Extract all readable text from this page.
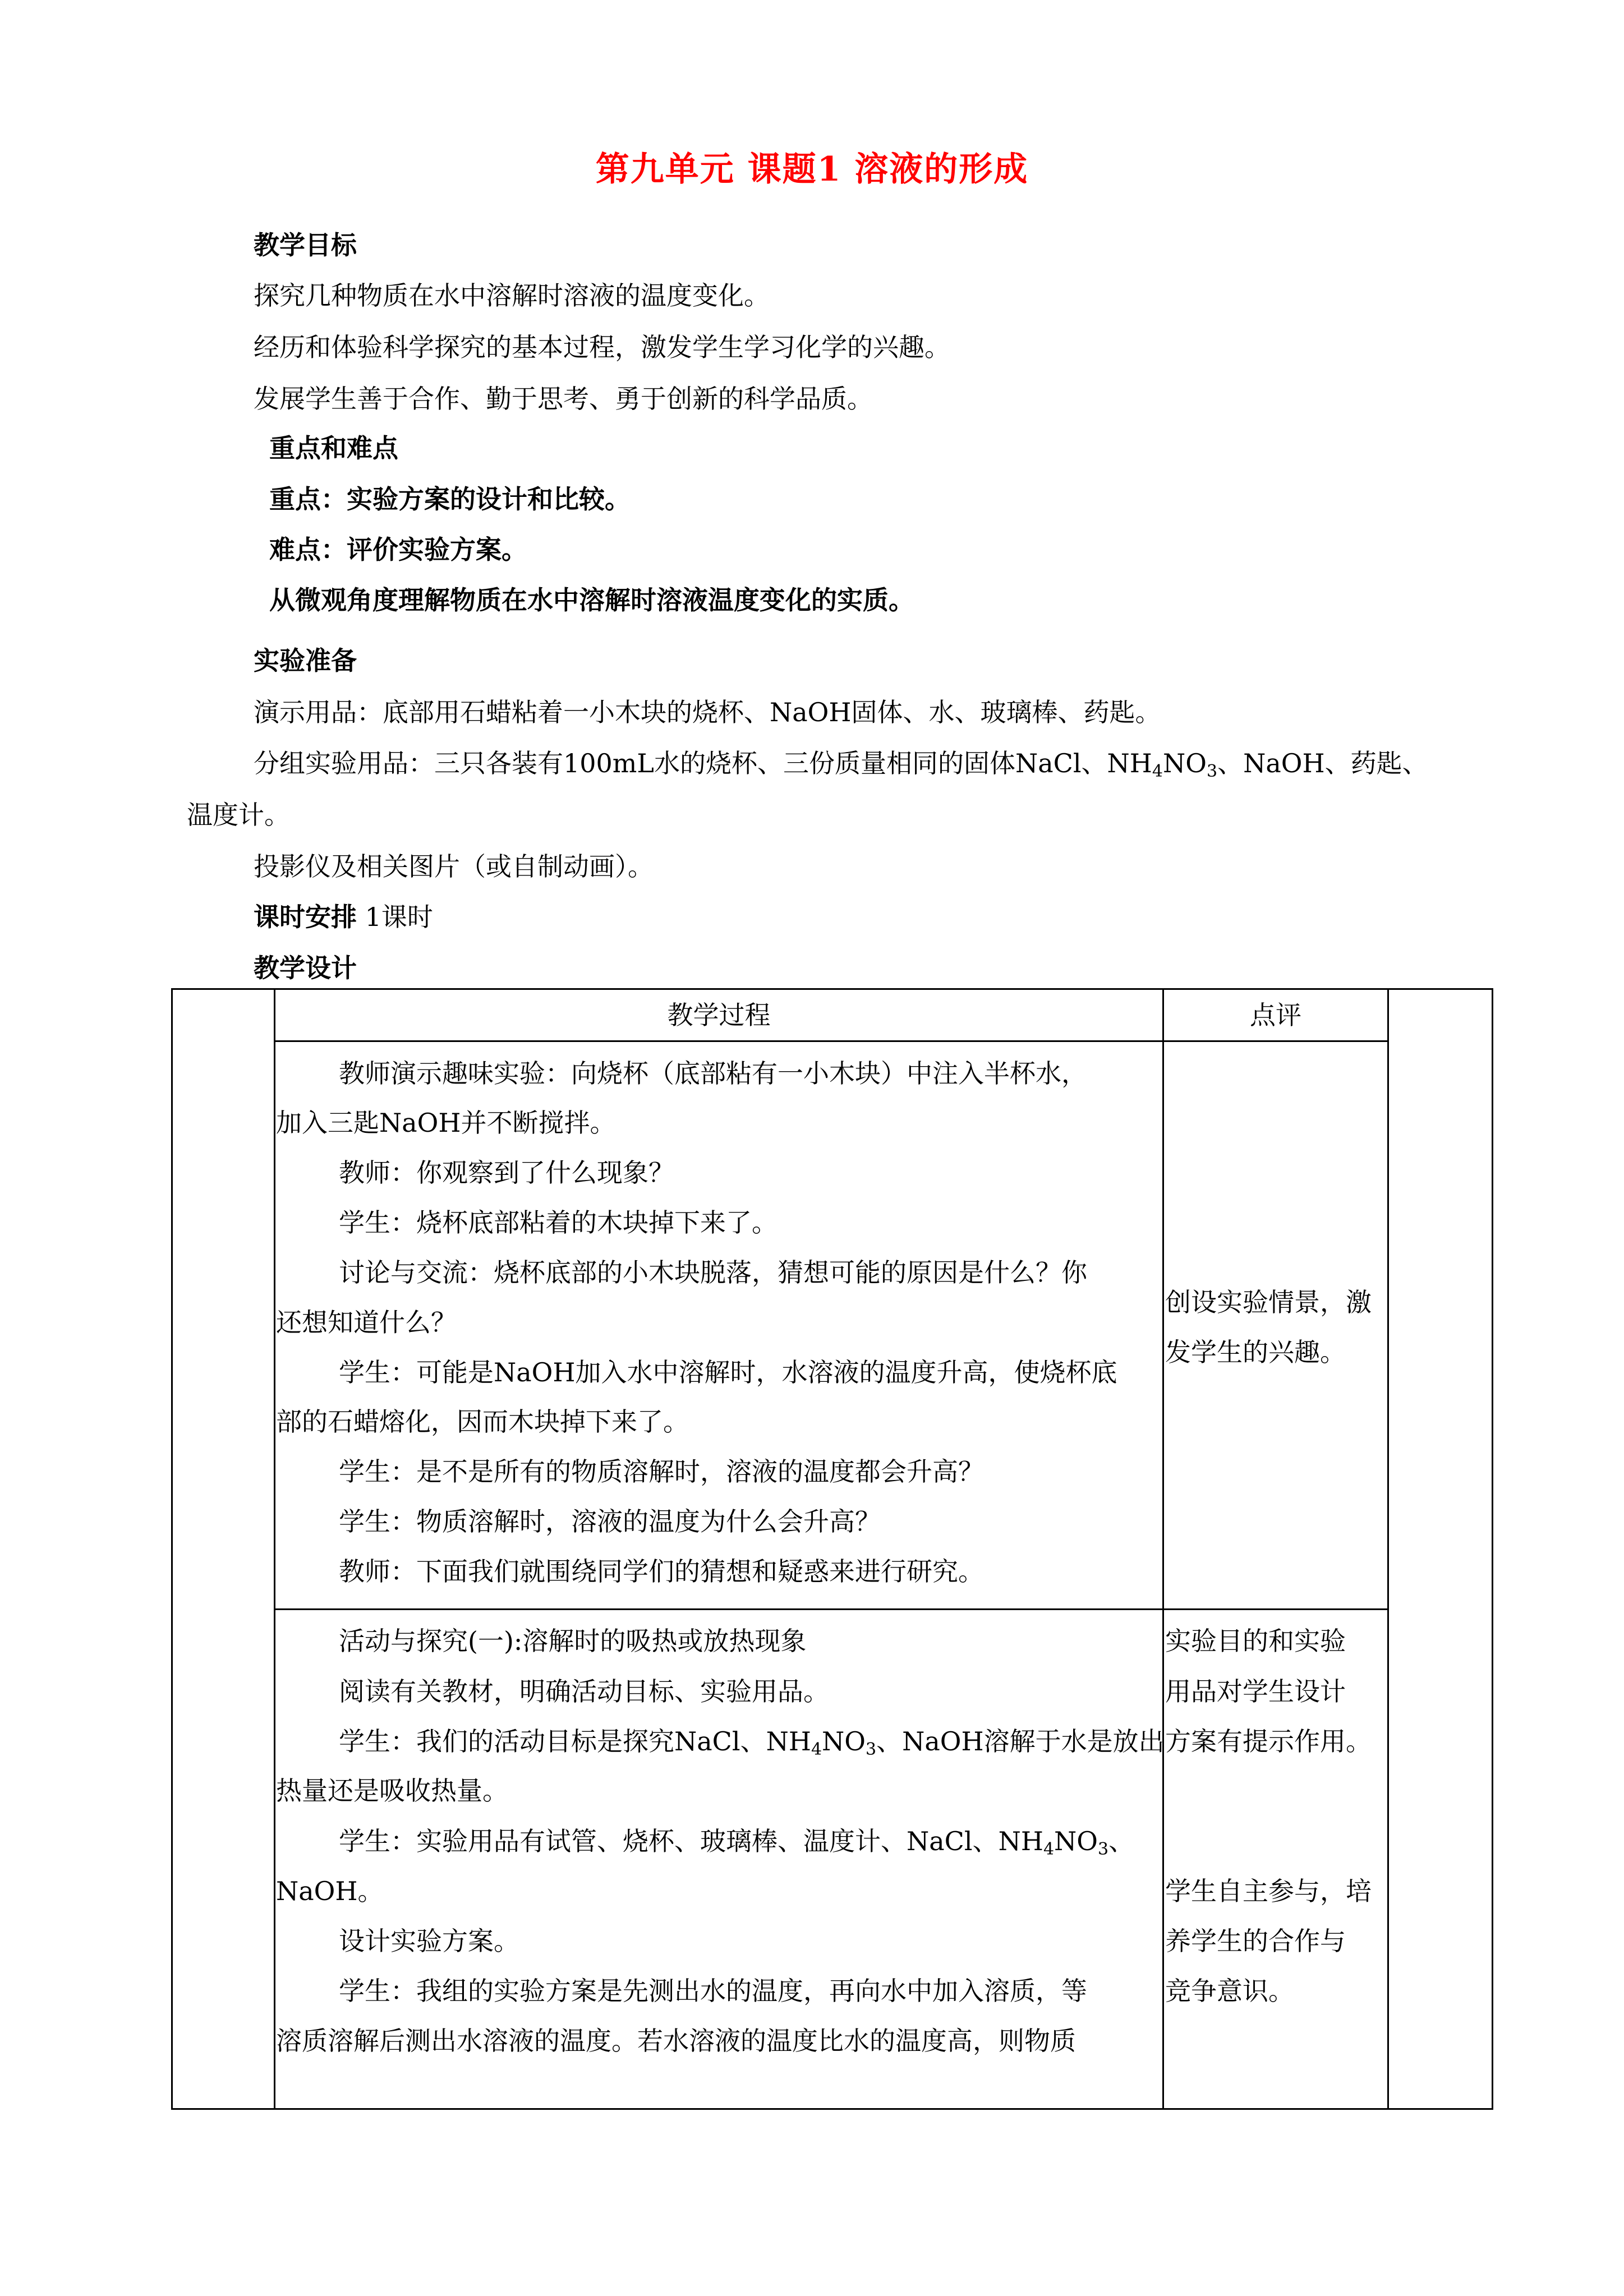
第九单元 课题1 溶液的形成
教学目标
探究几种物质在水中溶解时溶液的温度变化。
经历和体验科学探究的基本过程，激发学生学习化学的兴趣。
发展学生善于合作、勤于思考、勇于创新的科学品质。
重点和难点
重点：实验方案的设计和比较。
难点：评价实验方案。
从微观角度理解物质在水中溶解时溶液温度变化的实质。
实验准备
演示用品：底部用石蜡粘着一小木块的烧杯、NaOH固体、水、玻璃棒、药匙。
分组实验用品：三只各装有100mL水的烧杯、三份质量相同的固体NaCl、$NH_4NO_3$、NaOH、药匙、
温度计。
投影仪及相关图片（或自制动画）。
课时安排 1课时
教学设计
教学过程	点评
教师演示趣味实验：向烧杯（底部粘有一小木块）中注入半杯水，
加入三匙NaOH并不断搅拌。
教师：你观察到了什么现象？
学生：烧杯底部粘着的木块掉下来了。
讨论与交流：烧杯底部的小木块脱落，猜想可能的原因是什么？你
还想知道什么？
学生：可能是NaOH加入水中溶解时，水溶液的温度升高，使烧杯底
部的石蜡熔化，因而木块掉下来了。
学生：是不是所有的物质溶解时，溶液的温度都会升高？
学生：物质溶解时，溶液的温度为什么会升高？
教师：下面我们就围绕同学们的猜想和疑惑来进行研究。
创设实验情景，激
发学生的兴趣。
活动与探究(一):溶解时的吸热或放热现象
阅读有关教材，明确活动目标、实验用品。
学生：我们的活动目标是探究NaCl、$NH_4NO_3$、NaOH溶解于水是放出
热量还是吸收热量。
学生：实验用品有试管、烧杯、玻璃棒、温度计、NaCl、$NH_4NO_3$、
NaOH。
设计实验方案。
学生：我组的实验方案是先测出水的温度，再向水中加入溶质，等
溶质溶解后测出水溶液的温度。若水溶液的温度比水的温度高，则物质
实验目的和实验
用品对学生设计
方案有提示作用。
学生自主参与，培
养学生的合作与
竞争意识。
